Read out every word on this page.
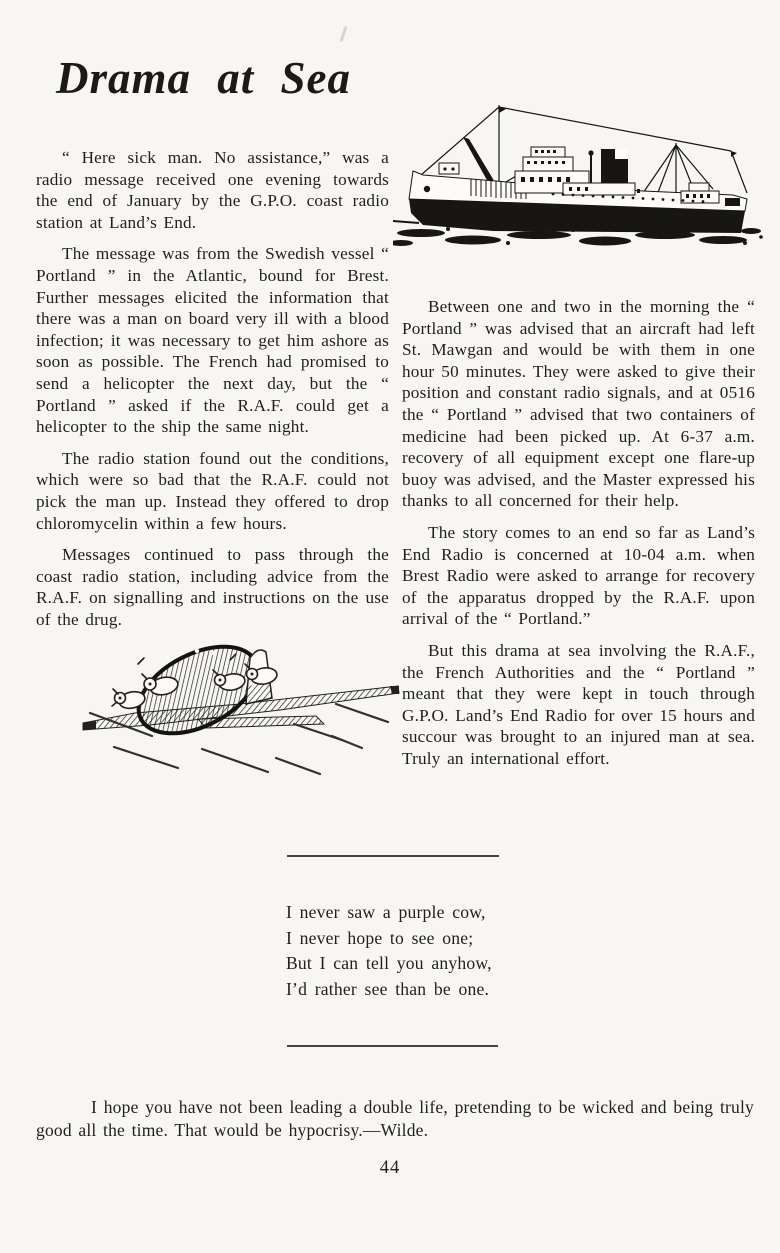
Drama at Sea

“ Here sick man. No assistance,” was a radio message received one evening towards the end of January by the G.P.O. coast radio station at Land’s End.

The message was from the Swedish vessel “ Portland ” in the Atlantic, bound for Brest. Further messages elicited the information that there was a man on board very ill with a blood infection; it was necessary to get him ashore as soon as possible. The French had promised to send a helicopter the next day, but the “ Portland ” asked if the R.A.F. could get a helicopter to the ship the same night.

The radio station found out the conditions, which were so bad that the R.A.F. could not pick the man up. Instead they offered to drop chloromycelin within a few hours.

Messages continued to pass through the coast radio station, including advice from the R.A.F. on signalling and instructions on the use of the drug.

Between one and two in the morning the “ Portland ” was advised that an aircraft had left St. Mawgan and would be with them in one hour 50 minutes. They were asked to give their position and constant radio signals, and at 0516 the “ Portland ” advised that two containers of medicine had been picked up. At 6-37 a.m. recovery of all equipment except one flare-up buoy was advised, and the Master expressed his thanks to all concerned for their help.

The story comes to an end so far as Land’s End Radio is concerned at 10-04 a.m. when Brest Radio were asked to arrange for recovery of the apparatus dropped by the R.A.F. upon arrival of the “ Portland.”

But this drama at sea involving the R.A.F., the French Authorities and the “ Portland ” meant that they were kept in touch through G.P.O. Land’s End Radio for over 15 hours and succour was brought to an injured man at sea. Truly an international effort.

I never saw a purple cow,
I never hope to see one;
But I can tell you anyhow,
I’d rather see than be one.

I hope you have not been leading a double life, pretending to be wicked and being truly good all the time. That would be hypocrisy.—Wilde.

44
